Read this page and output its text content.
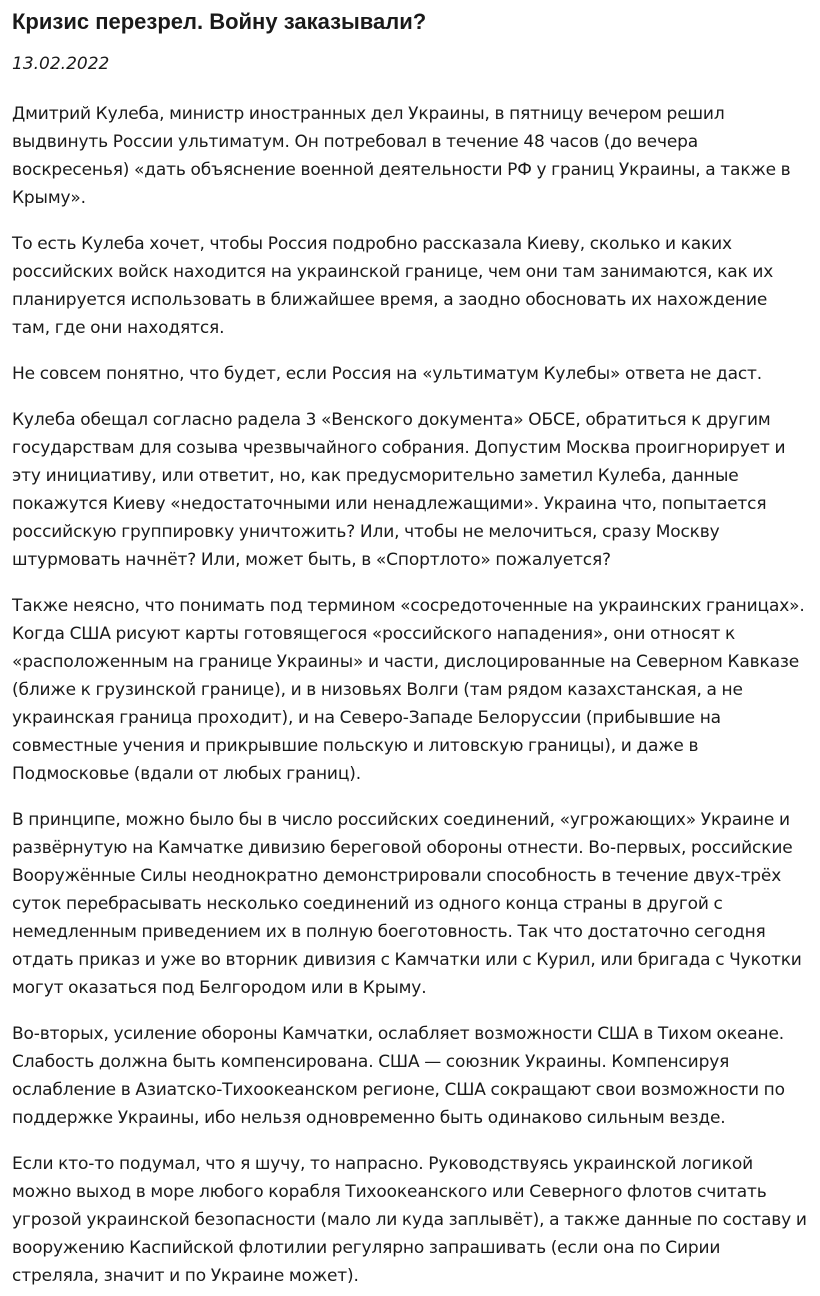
Кризис перезрел. Войну заказывали?
13.02.2022

Дмитрий Кулеба, министр иностранных дел Украины, в пятницу вечером решил выдвинуть России ультиматум. Он потребовал в течение 48 часов (до вечера воскресенья) «дать объяснение военной деятельности РФ у границ Украины, а также в Крыму».

То есть Кулеба хочет, чтобы Россия подробно рассказала Киеву, сколько и каких российских войск находится на украинской границе, чем они там занимаются, как их планируется использовать в ближайшее время, а заодно обосновать их нахождение там, где они находятся.

Не совсем понятно, что будет, если Россия на «ультиматум Кулебы» ответа не даст.

Кулеба обещал согласно радела 3 «Венского документа» ОБСЕ, обратиться к другим государствам для созыва чрезвычайного собрания. Допустим Москва проигнорирует и эту инициативу, или ответит, но, как предусморительно заметил Кулеба, данные покажутся Киеву «недостаточными или ненадлежащими». Украина что, попытается российскую группировку уничтожить? Или, чтобы не мелочиться, сразу Москву штурмовать начнёт? Или, может быть, в «Спортлото» пожалуется?

Также неясно, что понимать под термином «сосредоточенные на украинских границах». Когда США рисуют карты готовящегося «российского нападения», они относят к «расположенным на границе Украины» и части, дислоцированные на Северном Кавказе (ближе к грузинской границе), и в низовьях Волги (там рядом казахстанская, а не украинская граница проходит), и на Северо-Западе Белоруссии (прибывшие на совместные учения и прикрывшие польскую и литовскую границы), и даже в Подмосковье (вдали от любых границ).

В принципе, можно было бы в число российских соединений, «угрожающих» Украине и развёрнутую на Камчатке дивизию береговой обороны отнести. Во-первых, российские Вооружённые Силы неоднократно демонстрировали способность в течение двух-трёх суток перебрасывать несколько соединений из одного конца страны в другой с немедленным приведением их в полную боеготовность. Так что достаточно сегодня отдать приказ и уже во вторник дивизия с Камчатки или с Курил, или бригада с Чукотки могут оказаться под Белгородом или в Крыму.

Во-вторых, усиление обороны Камчатки, ослабляет возможности США в Тихом океане. Слабость должна быть компенсирована. США — союзник Украины. Компенсируя ослабление в Азиатско-Тихоокеанском регионе, США сокращают свои возможности по поддержке Украины, ибо нельзя одновременно быть одинаково сильным везде.

Если кто-то подумал, что я шучу, то напрасно. Руководствуясь украинской логикой можно выход в море любого корабля Тихоокеанского или Северного флотов считать угрозой украинской безопасности (мало ли куда заплывёт), а также данные по составу и вооружению Каспийской флотилии регулярно запрашивать (если она по Сирии стреляла, значит и по Украине может).
